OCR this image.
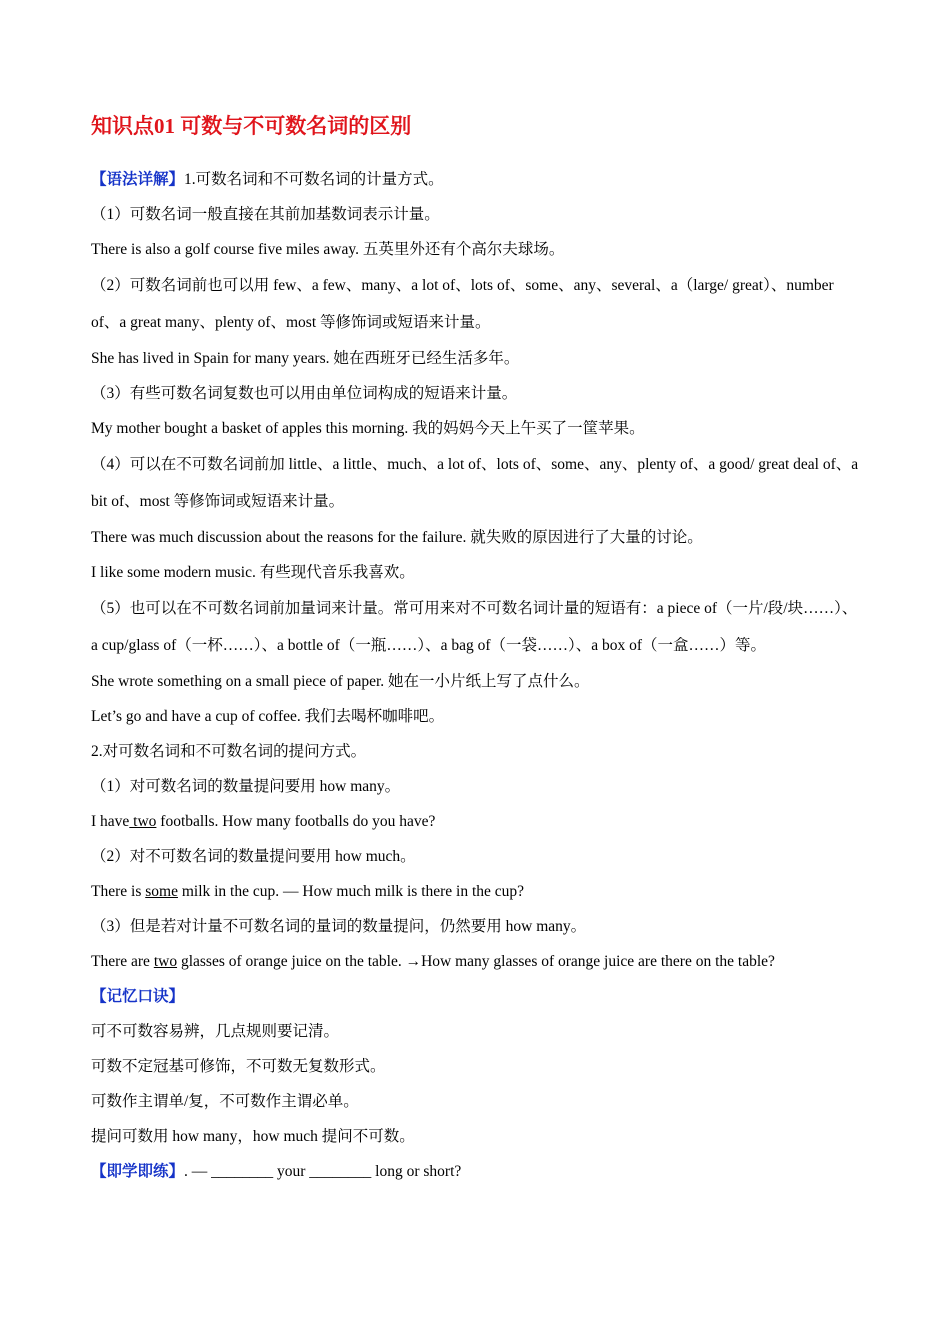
知识点01 可数与不可数名词的区别
【语法详解】1.可数名词和不可数名词的计量方式。
（1）可数名词一般直接在其前加基数词表示计量。
There is also a golf course five miles away. 五英里外还有个高尔夫球场。
（2）可数名词前也可以用 few、a few、many、a lot of、lots of、some、any、several、a（large/ great）、number of、a great many、plenty of、most 等修饰词或短语来计量。
She has lived in Spain for many years. 她在西班牙已经生活多年。
（3）有些可数名词复数也可以用由单位词构成的短语来计量。
My mother bought a basket of apples this morning. 我的妈妈今天上午买了一筐苹果。
（4）可以在不可数名词前加 little、a little、much、a lot of、lots of、some、any、plenty of、a good/ great deal of、a bit of、most 等修饰词或短语来计量。
There was much discussion about the reasons for the failure. 就失败的原因进行了大量的讨论。
I like some modern music. 有些现代音乐我喜欢。
（5）也可以在不可数名词前加量词来计量。常可用来对不可数名词计量的短语有：a piece of（一片/段/块……）、a cup/glass of（一杯……）、a bottle of（一瓶……）、a bag of（一袋……）、a box of（一盒……）等。
She wrote something on a small piece of paper. 她在一小片纸上写了点什么。
Let’s go and have a cup of coffee. 我们去喝杯咖啡吧。
2.对可数名词和不可数名词的提问方式。
（1）对可数名词的数量提问要用 how many。
I have two footballs. How many footballs do you have?
（2）对不可数名词的数量提问要用 how much。
There is some milk in the cup. — How much milk is there in the cup?
（3）但是若对计量不可数名词的量词的数量提问，仍然要用 how many。
There are two glasses of orange juice on the table. →How many glasses of orange juice are there on the table?
【记忆口诀】
可不可数容易辨，几点规则要记清。
可数不定冠基可修饰，不可数无复数形式。
可数作主谓单/复，不可数作主谓必单。
提问可数用 how many，how much 提问不可数。
【即学即练】. — ________ your ________ long or short?
